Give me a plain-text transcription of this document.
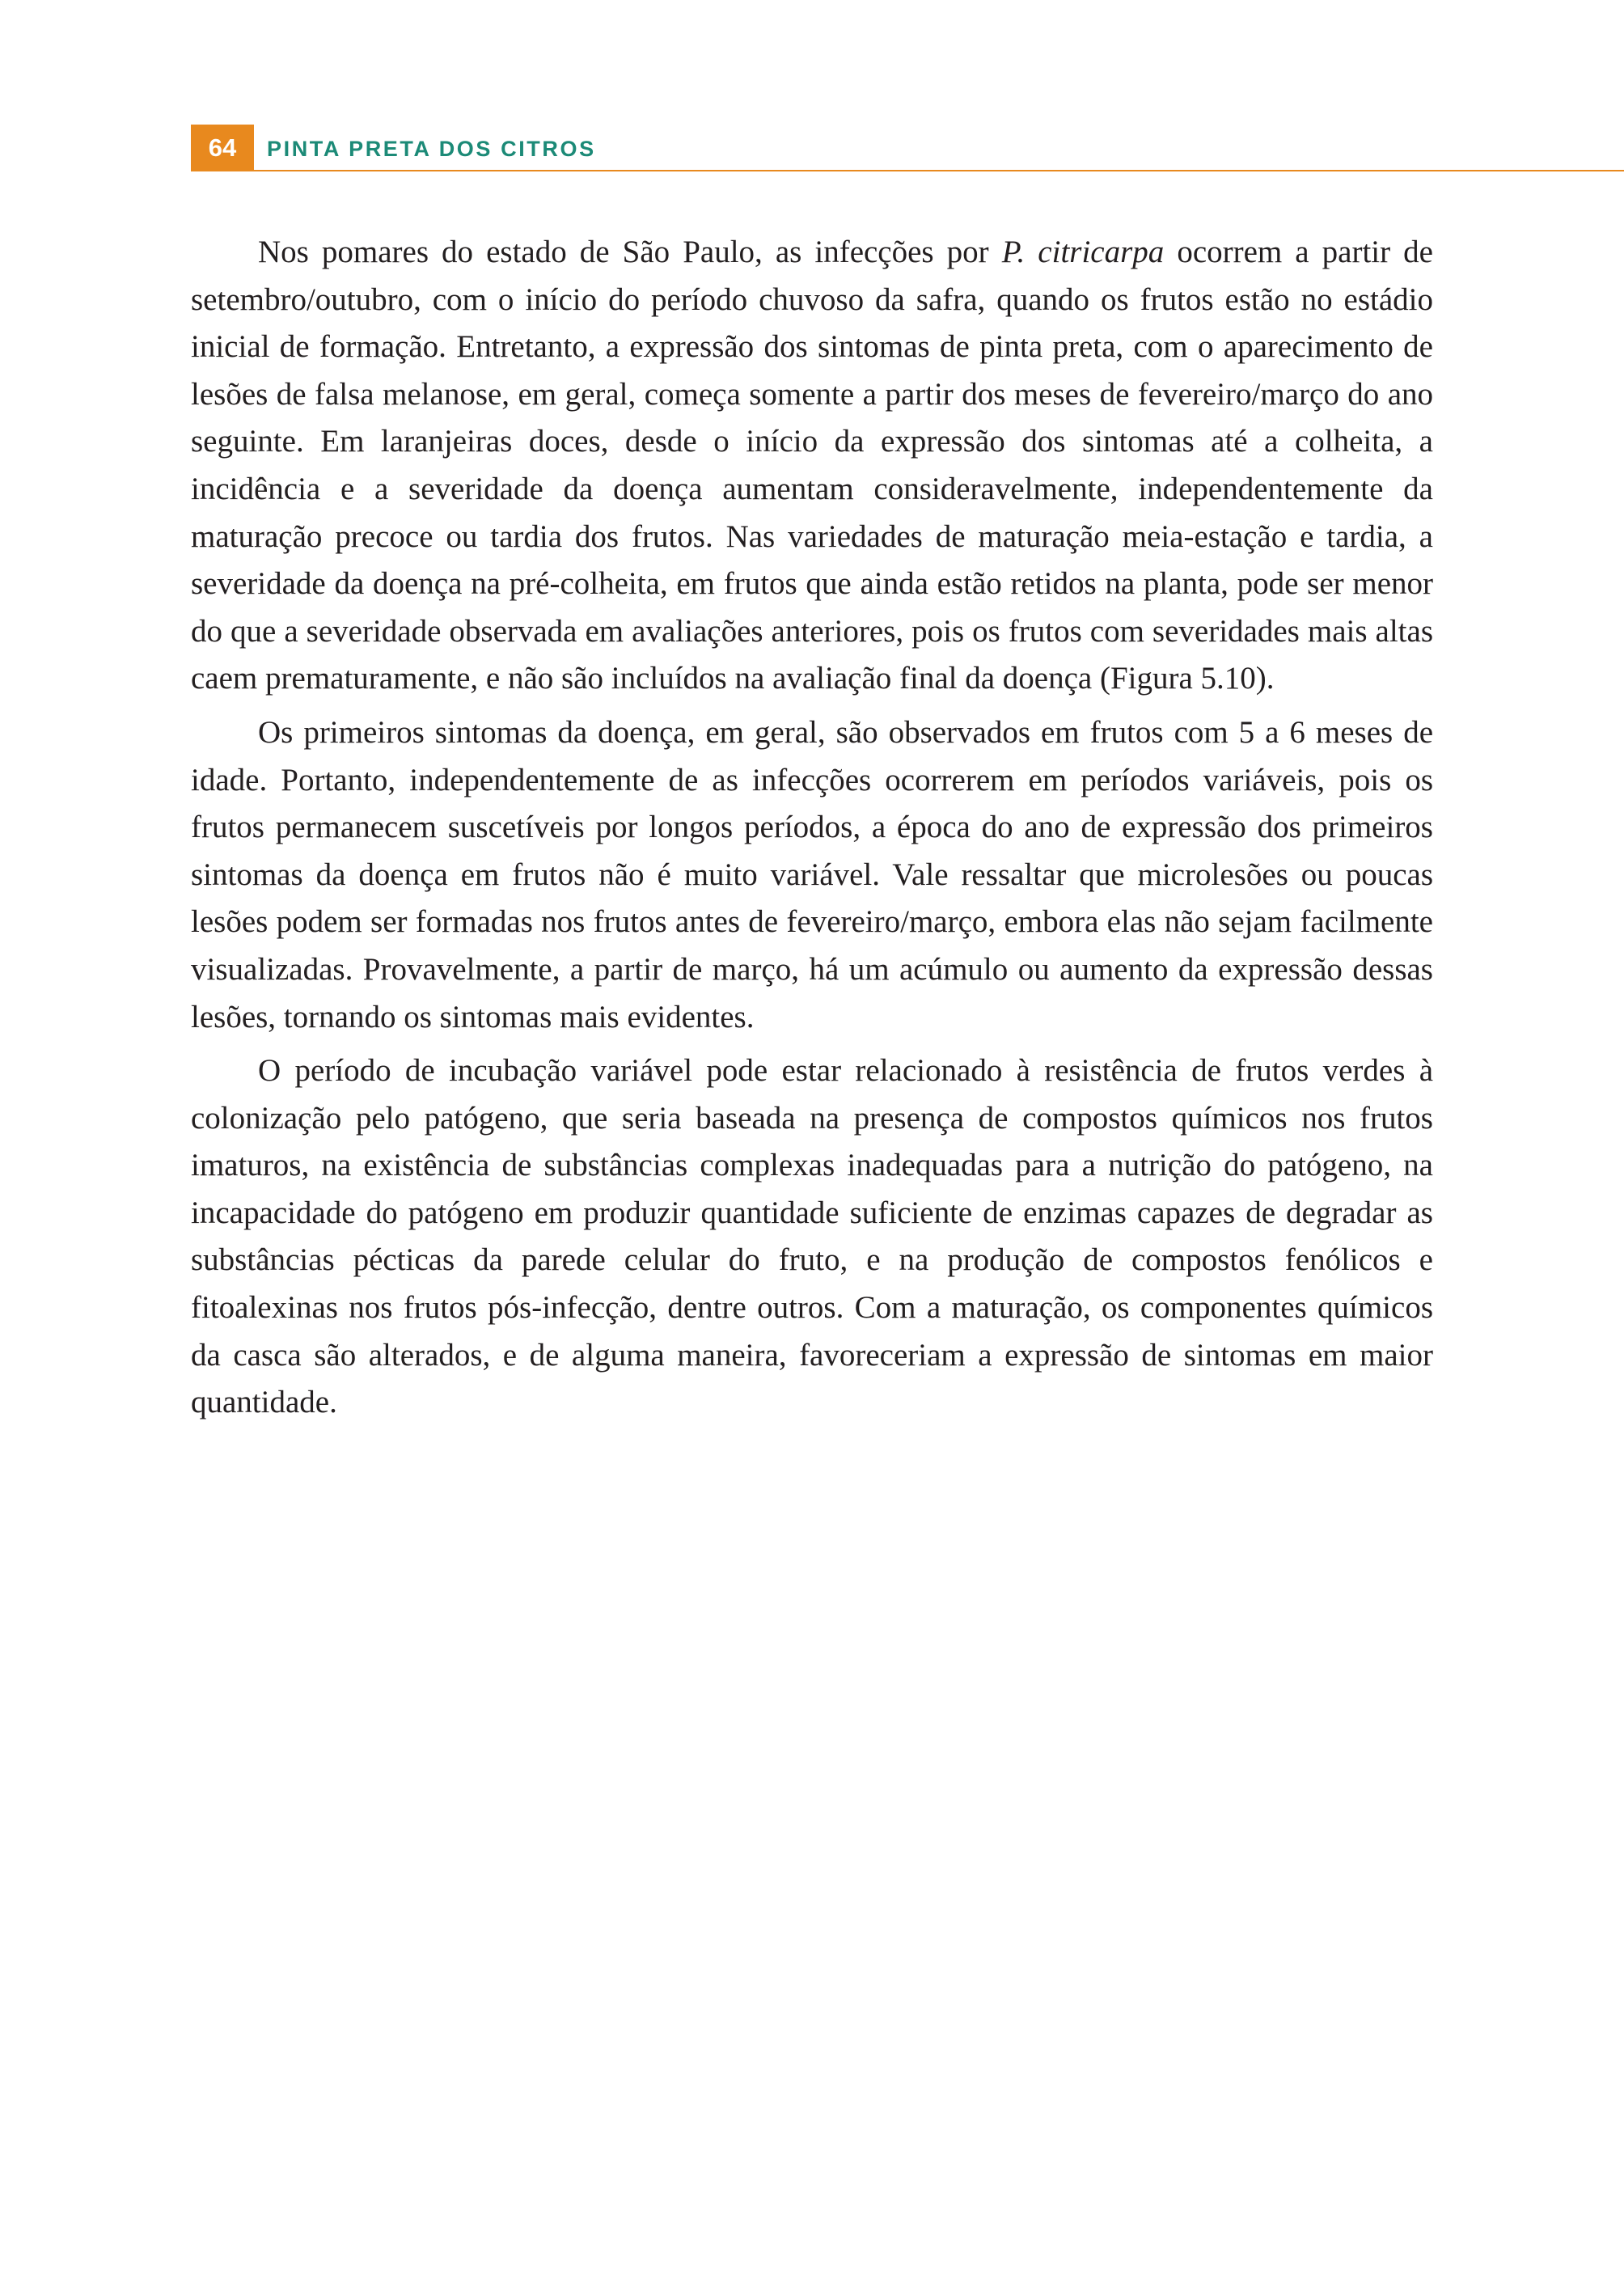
64	PINTA PRETA DOS CITROS

Nos pomares do estado de São Paulo, as infecções por P. citricarpa ocorrem a partir de setembro/outubro, com o início do período chuvoso da safra, quando os frutos estão no estádio inicial de formação. Entretanto, a expressão dos sintomas de pinta preta, com o aparecimento de lesões de falsa melanose, em geral, começa somente a partir dos meses de fevereiro/março do ano seguinte. Em laranjeiras doces, desde o início da expressão dos sintomas até a colheita, a incidência e a severidade da doença aumentam consideravelmente, independentemente da maturação precoce ou tardia dos frutos. Nas variedades de maturação meia-estação e tardia, a severidade da doença na pré-colheita, em frutos que ainda estão retidos na planta, pode ser menor do que a severidade observada em avaliações anteriores, pois os frutos com severidades mais altas caem prematuramente, e não são incluídos na avaliação final da doença (Figura 5.10).

Os primeiros sintomas da doença, em geral, são observados em frutos com 5 a 6 meses de idade. Portanto, independentemente de as infecções ocorrerem em períodos variáveis, pois os frutos permanecem suscetíveis por longos períodos, a época do ano de expressão dos primeiros sintomas da doença em frutos não é muito variável. Vale ressaltar que microlesões ou poucas lesões podem ser formadas nos frutos antes de fevereiro/março, embora elas não sejam facilmente visualizadas. Provavelmente, a partir de março, há um acúmulo ou aumento da expressão dessas lesões, tornando os sintomas mais evidentes.

O período de incubação variável pode estar relacionado à resistência de frutos verdes à colonização pelo patógeno, que seria baseada na presença de compostos químicos nos frutos imaturos, na existência de substâncias complexas inadequadas para a nutrição do patógeno, na incapacidade do patógeno em produzir quantidade suficiente de enzimas capazes de degradar as substâncias pécticas da parede celular do fruto, e na produção de compostos fenólicos e fitoalexinas nos frutos pós-infecção, dentre outros. Com a maturação, os componentes químicos da casca são alterados, e de alguma maneira, favoreceriam a expressão de sintomas em maior quantidade.
